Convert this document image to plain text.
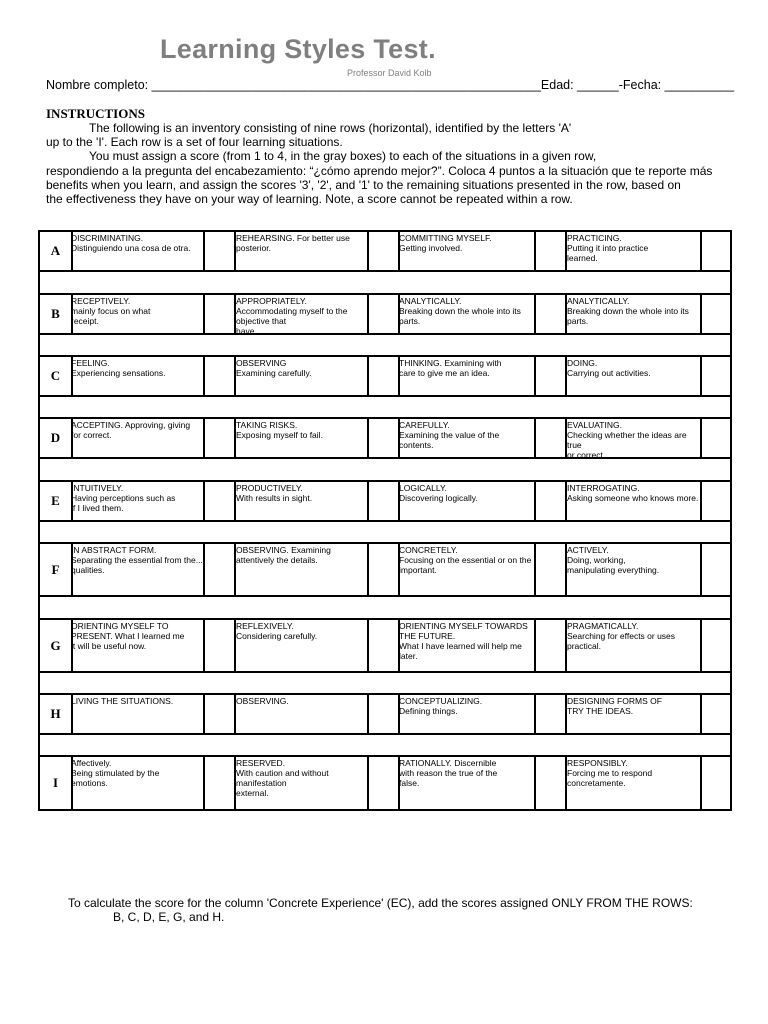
Learning Styles Test.
Professor David Kolb
Nombre completo: ________________________________________________________Edad: ______-Fecha: __________
INSTRUCTIONS

The following is an inventory consisting of nine rows (horizontal), identified by the letters 'A'

up to the 'I'. Each row is a set of four learning situations.

You must assign a score (from 1 to 4, in the gray boxes) to each of the situations in a given row,

respondiendo a la pregunta del encabezamiento: “¿cómo aprendo mejor?”. Coloca 4 puntos a la situación que te reporte más

benefits when you learn, and assign the scores '3', '2', and '1' to the remaining situations presented in the row, based on

the effectiveness they have on your way of learning. Note, a score cannot be repeated within a row.

A
DISCRIMINATING.
Distinguiendo una cosa de otra.
REHEARSING. For better use
posterior.
COMMITTING MYSELF.
Getting involved.
PRACTICING.
Putting it into practice
learned.
B
RECEPTIVELY.
mainly focus on what
receipt.
APPROPRIATELY.
Accommodating myself to the objective that
have.
ANALYTICALLY.
Breaking down the whole into its
parts.
ANALYTICALLY.
Breaking down the whole into its
parts.
C
FEELING.
Experiencing sensations.
OBSERVING
Examining carefully.
THINKING. Examining with
care to give me an idea.
DOING.
Carrying out activities.
D
ACCEPTING. Approving, giving
for correct.
TAKING RISKS.
Exposing myself to fail.
CAREFULLY.
Examining the value of the
contents.
EVALUATING.
Checking whether the ideas are true
or correct.
E
INTUITIVELY.
Having perceptions such as
if I lived them.
PRODUCTIVELY.
With results in sight.
LOGICALLY.
Discovering logically.
INTERROGATING.
Asking someone who knows more.
F
IN ABSTRACT FORM.
Separating the essential from the...
qualities.
OBSERVING. Examining
attentively the details.
CONCRETELY.
Focusing on the essential or on the
important.
ACTIVELY.
Doing, working,
manipulating everything.
G
ORIENTING MYSELF TO
PRESENT. What I learned me
it will be useful now.
REFLEXIVELY.
Considering carefully.
ORIENTING MYSELF TOWARDS THE FUTURE.
What I have learned will help me later.
PRAGMATICALLY.
Searching for effects or uses
practical.
H
LIVING THE SITUATIONS.	OBSERVING.	CONCEPTUALIZING.
Defining things.
DESIGNING FORMS OF
TRY THE IDEAS.
I
Affectively.
Being stimulated by the
emotions.
RESERVED.
With caution and without manifestation
external.
RATIONALLY. Discernible
with reason the true of the
false.
RESPONSIBLY.
Forcing me to respond
concretamente.
To calculate the score for the column 'Concrete Experience' (EC), add the scores assigned ONLY FROM THE ROWS:
B, C, D, E, G, and H.
